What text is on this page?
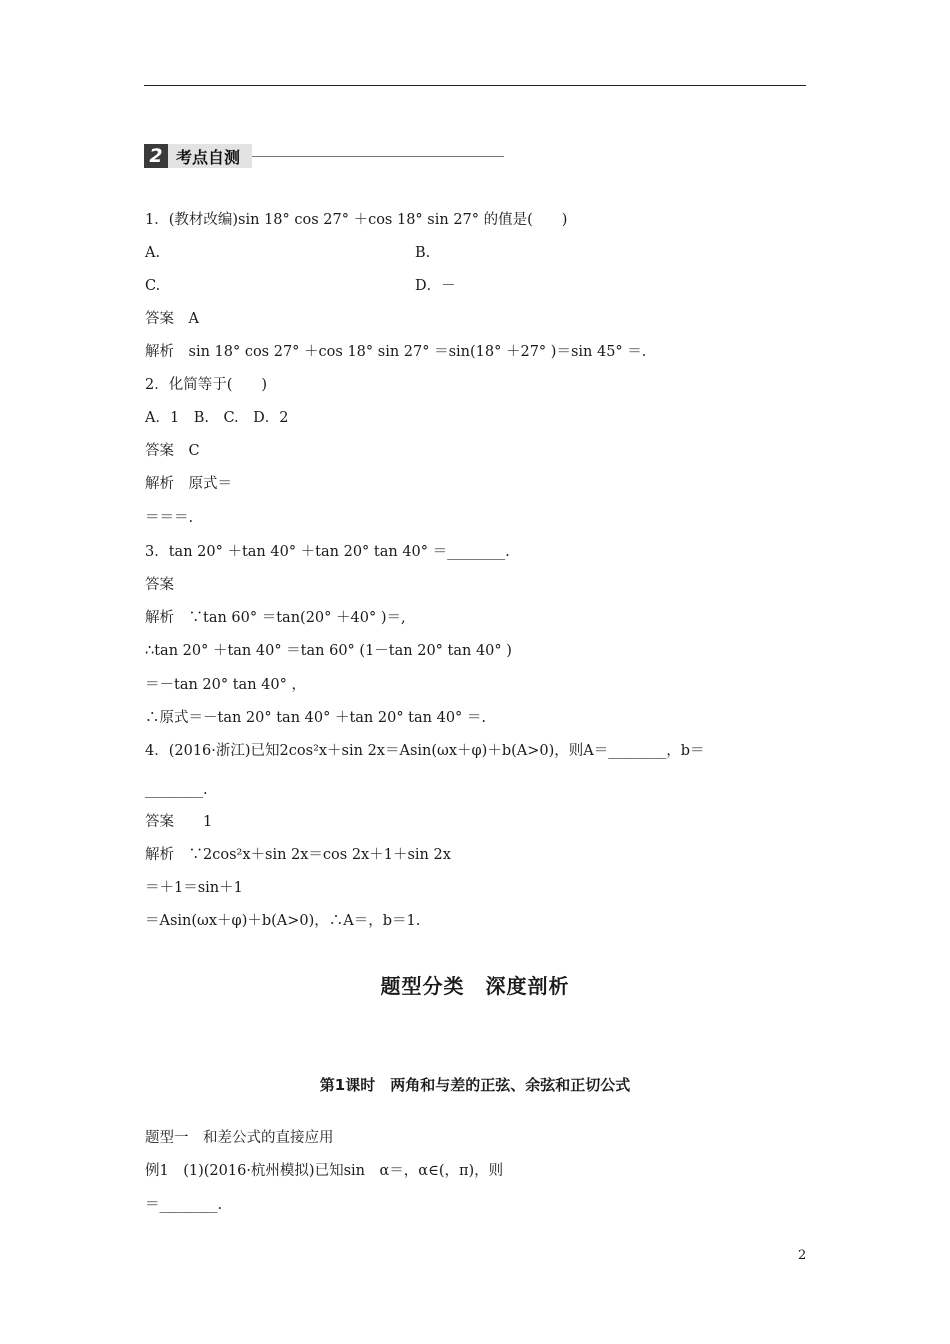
2 考点自测
1．(教材改编)sin 18° cos 27° ＋cos 18° sin 27° 的值是(　　)
A.	B.
C.	D．－
答案　A
解析　sin 18° cos 27° ＋cos 18° sin 27° ＝sin(18° ＋27° )＝sin 45° ＝.
2．化简等于(　　)
A．1　B.　C.　D．2
答案　C
解析　原式＝
＝＝＝.
3．tan 20° ＋tan 40° ＋tan 20° tan 40° ＝________.
答案
解析　∵tan 60° ＝tan(20° ＋40° )＝,
∴tan 20° ＋tan 40° ＝tan 60° (1－tan 20° tan 40° )
＝－tan 20° tan 40° ，
∴原式＝－tan 20° tan 40° ＋tan 20° tan 40° ＝.
4．(2016·浙江)已知2cos²x＋sin 2x＝Asin(ωx＋φ)＋b(A>0)，则A＝________，b＝
________.
答案　　1
解析　∵2cos²x＋sin 2x＝cos 2x＋1＋sin 2x
＝＋1＝sin＋1
＝Asin(ωx＋φ)＋b(A>0)，∴A＝，b＝1.
题型分类　深度剖析
第1课时　两角和与差的正弦、余弦和正切公式
题型一　和差公式的直接应用
例1　(1)(2016·杭州模拟)已知sin　α＝，α∈(，π)，则
＝________.
2
